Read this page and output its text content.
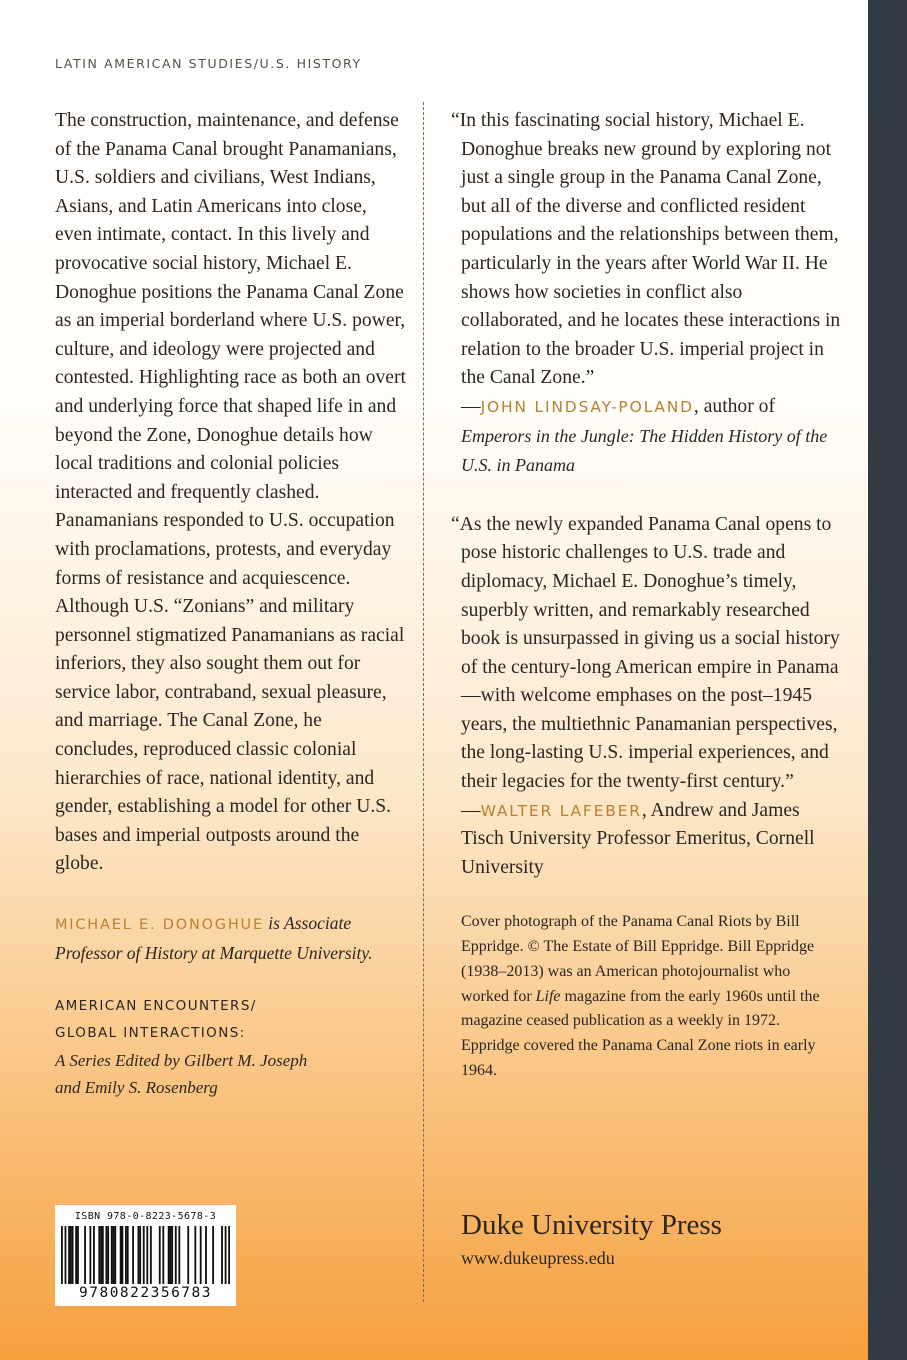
LATIN AMERICAN STUDIES/U.S. HISTORY

The construction, maintenance, and defense of the Panama Canal brought Panamanians, U.S. soldiers and civilians, West Indians, Asians, and Latin Americans into close, even intimate, contact. In this lively and provocative social history, Michael E. Donoghue positions the Panama Canal Zone as an imperial borderland where U.S. power, culture, and ideology were projected and contested. Highlighting race as both an overt and underlying force that shaped life in and beyond the Zone, Donoghue details how local traditions and colonial policies interacted and frequently clashed. Panamanians responded to U.S. occupation with proclamations, protests, and everyday forms of resistance and acquiescence. Although U.S. “Zonians” and military personnel stigmatized Panamanians as racial inferiors, they also sought them out for service labor, contraband, sexual pleasure, and marriage. The Canal Zone, he concludes, reproduced classic colonial hierarchies of race, national identity, and gender, establishing a model for other U.S. bases and imperial outposts around the globe.

MICHAEL E. DONOGHUE is Associate Professor of History at Marquette University.
AMERICAN ENCOUNTERS/
GLOBAL INTERACTIONS:
A Series Edited by Gilbert M. Joseph
and Emily S. Rosenberg

“In this fascinating social history, Michael E. Donoghue breaks new ground by exploring not just a single group in the Panama Canal Zone, but all of the diverse and conflicted resident populations and the relationships between them, particularly in the years after World War II. He shows how societies in conflict also collaborated, and he locates these interactions in relation to the broader U.S. imperial project in the Canal Zone.”

—JOHN LINDSAY-POLAND, author of Emperors in the Jungle: The Hidden History of the U.S. in Panama

“As the newly expanded Panama Canal opens to pose historic challenges to U.S. trade and diplomacy, Michael E. Donoghue’s timely, superbly written, and remarkably researched book is unsurpassed in giving us a social history of the century-long American empire in Panama—with welcome emphases on the post–1945 years, the multiethnic Panamanian perspectives, the long-lasting U.S. imperial experiences, and their legacies for the twenty-first century.”

—WALTER LAFEBER, Andrew and James Tisch University Professor Emeritus, Cornell University
Cover photograph of the Panama Canal Riots by Bill Eppridge. © The Estate of Bill Eppridge. Bill Eppridge (1938–2013) was an American photojournalist who worked for Life magazine from the early 1960s until the magazine ceased publication as a weekly in 1972. Eppridge covered the Panama Canal Zone riots in early 1964.
Duke University Press
www.dukeupress.edu
ISBN 978-0-8223-5678-3
9780822356783
